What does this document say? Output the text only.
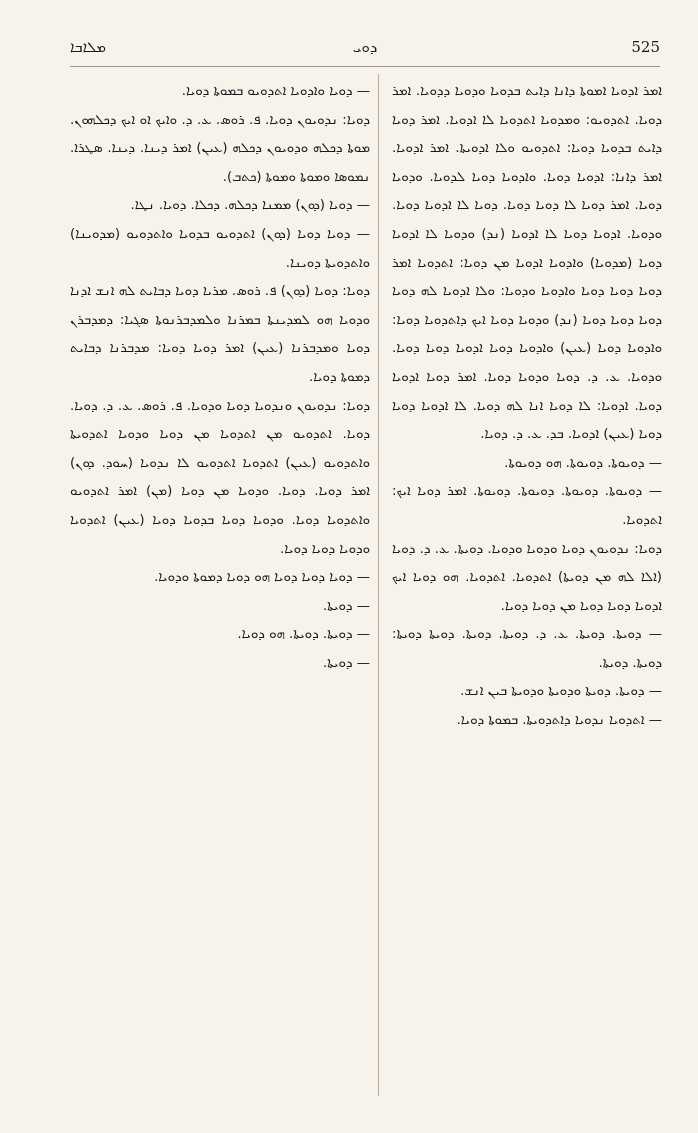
ܡܠܐܒܐ	ܕܘܝ	525

— ܕܘܝܐ ܘܐܕܘܝܐ ܐܬܕܘܝܘ ܒܡܘܬܐ ܕܘܝܐ.

ܕܘܝܐ: ܢܕܘܝܘܢ ܕܘܝܐ. ܦ. ܪܘܣ. ܥ. ܕ. ܘܐܝܟ ܐܘ ܐܝܟ ܕܟܠܗܘܢ. ܡܘܬܐ ܕܟܠܗ ܘܕܘܝܘܢ ܕܟܠܗ (ܥܝܢ) ܐܡܪ ܕܝܢܐ. ܕܝܢܐ. ܣܛܪܐ. ܢܡܘܣܐ ܘܡܘܬܐ ܘܡܘܬܐ (ܟܬܒ).

— ܕܘܝܐ (ܕܘܢ) ܡܡܢܐ ܕܟܠܗ. ܕܟܠܐ. ܕܘܝܐ. ܢܛܐ.

— ܕܘܝܐ ܕܘܝܐ (ܕܘܢ) ܐܬܕܘܝܘ ܒܕܘܝܐ ܘܐܬܕܘܝܘ (ܡܕܘܝܢܐ) ܘܐܬܕܘܝܬܐ ܕܘܝܢܐ.

ܕܘܝܐ: ܕܘܝܐ (ܕܘܢ) ܦ. ܪܘܣ. ܡܪܝܐ ܕܘܝܐ ܕܒܐܝܬ ܠܗ ܐܢܫ ܐܕܢܐ ܘܕܘܝܐ ܗܘ ܠܡܕܝܢܬܐ ܒܡܪܢܐ ܘܠܡܕܒܪܢܘܬܐ ܣܓܝܐ: ܕܡܕܒܪܢ ܕܘܝܐ ܘܡܕܒܪܢܐ (ܥܝܢ) ܐܡܪ ܕܘܝܐ ܕܘܝܐ: ܡܕܒܪܢܐ ܕܒܐܝܬ ܕܡܘܬܐ ܕܘܝܐ.

ܕܘܝܐ: ܢܕܘܝܘܢ ܘܢܕܘܝܐ ܕܘܝܐ ܘܕܘܝܐ. ܦ. ܪܘܣ. ܥ. ܕ. ܕܘܝܐ. ܕܘܝܐ. ܐܬܕܘܝܘ ܡܢ ܐܬܕܘܝܐ ܡܢ ܕܘܝܐ ܘܕܘܝܐ ܐܬܕܘܝܬܐ ܘܐܬܕܘܝܘ (ܥܝܢ) ܐܬܕܘܝܐ ܐܬܕܘܝܘ ܠܐ ܢܕܘܝܐ (ܚܘܕ. ܕܘܢ) ܐܡܪ ܕܘܝܐ. ܕܘܝܐ. ܘܕܘܝܐ ܡܢ ܕܘܝܐ (ܡܢ) ܐܡܪ ܐܬܕܘܝܘ ܘܐܬܕܘܝܐ ܕܘܝܐ. ܘܕܘܝܐ ܕܘܝܐ ܒܕܘܝܐ ܕܘܝܐ (ܥܝܢ) ܐܬܕܘܝܐ ܘܕܘܝܐ ܕܘܝܐ ܕܘܝܐ.

— ܕܘܝܐ ܕܘܝܐ ܕܘܝܐ ܗܘ ܕܘܝܐ ܕܡܘܬܐ ܘܕܘܝܐ.

— ܕܘܝܬܐ.

— ܕܘܝܬܐ. ܕܘܝܬܐ. ܗܘ ܕܘܝܐ.

— ܕܘܝܬܐ.

ܐܡܪ ܐܕܘܝܐ ܐܡܘܬܐ ܕܐܢܐ ܕܐܝܬ ܒܕܘܝܐ ܘܕܘܝܐ ܕܕܘܝܐ. ܐܡܪ ܕܘܝܐ. ܐܬܕܘܝܘ: ܘܡܕܘܝܐ ܐܬܕܘܝܐ ܠܐ ܐܕܘܝܐ. ܐܡܪ ܕܘܝܐ ܕܐܝܬ ܒܕܘܝܐ ܕܘܝܐ: ܐܬܕܘܝܘ ܘܠܐ ܐܕܘܝܬܐ. ܐܡܪ ܐܕܘܝܐ. ܐܡܪ ܕܐܢܐ: ܐܕܘܝܐ ܕܘܝܐ. ܘܐܕܘܝܐ ܕܘܝܐ ܠܕܘܝܐ. ܘܕܘܝܐ ܕܘܝܐ. ܐܡܪ ܕܘܝܐ ܠܐ ܕܘܝܐ ܕܘܝܐ. ܕܘܝܐ ܠܐ ܐܕܘܝܐ ܕܘܝܐ. ܘܕܘܝܐ. ܐܕܘܝܐ ܕܘܝܐ ܠܐ ܐܕܘܝܐ (ܢܕ) ܘܕܘܝܐ ܠܐ ܐܕܘܝܐ ܕܘܝܐ (ܡܕܘܝܐ) ܘܐܕܘܝܐ ܐܕܘܝܐ ܡܢ ܕܘܝܐ: ܐܬܕܘܝܐ ܐܡܪ ܕܘܝܐ ܕܘܝܐ ܕܘܝܐ ܘܐܕܘܝܐ ܘܕܘܝܐ: ܘܠܐ ܐܕܘܝܐ ܠܗ ܕܘܝܐ ܕܘܝܐ ܕܘܝܐ ܕܘܝܐ (ܢܕ) ܘܕܘܝܐ ܕܘܝܐ ܐܝܟ ܕܐܬܕܘܝܐ ܕܘܝܐ: ܘܐܕܘܝܐ ܕܘܝܐ (ܥܝܢ) ܘܐܕܘܝܐ ܕܘܝܐ ܐܕܘܝܐ ܕܘܝܐ ܕܘܝܐ. ܘܕܘܝܐ. ܥ. ܕ. ܕܘܝܐ ܘܕܘܝܐ ܕܘܝܐ. ܐܡܪ ܕܘܝܐ ܐܕܘܝܐ ܕܘܝܐ. ܐܕܘܝܐ: ܠܐ ܕܘܝܐ ܐܢܐ ܠܗ ܕܘܝܐ. ܠܐ ܐܕܘܝܐ ܕܘܝܐ ܕܘܝܐ (ܥܝܢ) ܐܕܘܝܐ. ܒܕ. ܥ. ܕ. ܕܘܝܐ.

— ܕܘܝܘܬܐ. ܕܘܝܘܬܐ. ܗܘ ܕܘܝܘܬܐ.

— ܕܘܝܘܬܐ. ܕܘܝܘܬܐ. ܕܘܝܘܬܐ. ܕܘܝܘܬܐ. ܐܡܪ ܕܘܝܐ ܐܝܟ: ܐܬܕܘܝܐ.

ܕܘܝܐ: ܢܕܘܝܘܢ ܕܘܝܐ ܘܕܘܝܐ ܘܕܘܝܐ. ܕܘܝܬܐ. ܥ. ܕ. ܕܘܝܐ (ܐܠܐ ܠܗ ܡܢ ܕܘܝܬܐ) ܐܬܕܘܝܐ. ܐܬܕܘܝܐ. ܗܘ ܕܘܝܐ ܐܝܟ ܐܕܘܝܐ ܕܘܝܐ ܕܘܝܐ ܡܢ ܕܘܝܐ ܕܘܝܐ.

— ܕܘܝܬܐ. ܕܘܝܬܐ. ܥ. ܕ. ܕܘܝܬܐ. ܕܘܝܬܐ. ܕܘܝܬܐ ܕܘܝܬܐ: ܕܘܝܬܐ. ܕܘܝܬܐ.

— ܕܘܝܬܐ. ܕܘܝܬܐ ܘܕܘܝܬܐ ܘܕܘܝܬܐ ܒܝܢ ܐܢܫ.

— ܐܬܕܘܝܐ ܢܕܘܝܐ ܕܐܬܕܘܝܬܐ. ܒܡܘܬܐ ܕܘܝܐ.
